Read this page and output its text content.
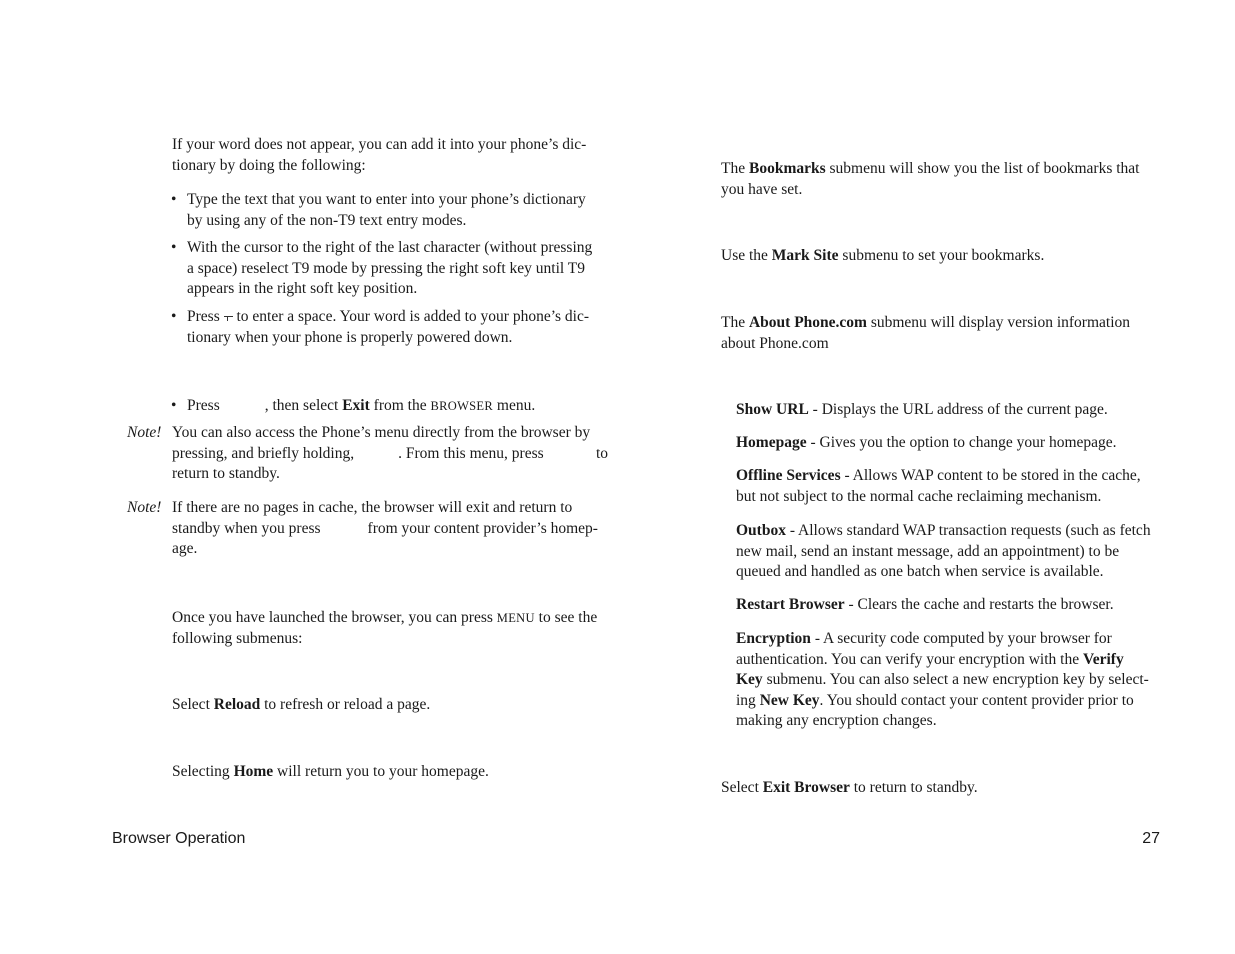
If your word does not appear, you can add it into your phone’s dic-
tionary by doing the following:
• Type the text that you want to enter into your phone’s dictionary
by using any of the non-T9 text entry modes.
• With the cursor to the right of the last character (without pressing
a space) reselect T9 mode by pressing the right soft key until T9
appears in the right soft key position.
• Press  to enter a space. Your word is added to your phone’s dic-
tionary when your phone is properly powered down.
• Press	, then select Exit from the BROWSER menu.
Note! You can also access the Phone’s menu directly from the browser by
pressing, and briefly holding,	. From this menu, press	to
return to standby.
Note! If there are no pages in cache, the browser will exit and return to
standby when you press	from your content provider’s homep-
age.
Once you have launched the browser, you can press MENU to see the
following submenus:
Select Reload to refresh or reload a page.
Selecting Home will return you to your homepage.
The Bookmarks submenu will show you the list of bookmarks that
you have set.
Use the Mark Site submenu to set your bookmarks.
The About Phone.com submenu will display version information
about Phone.com
Show URL - Displays the URL address of the current page.
Homepage - Gives you the option to change your homepage.
Offline Services - Allows WAP content to be stored in the cache,
but not subject to the normal cache reclaiming mechanism.
Outbox - Allows standard WAP transaction requests (such as fetch
new mail, send an instant message, add an appointment) to be
queued and handled as one batch when service is available.
Restart Browser - Clears the cache and restarts the browser.
Encryption - A security code computed by your browser for
authentication. You can verify your encryption with the Verify
Key submenu. You can also select a new encryption key by select-
ing New Key. You should contact your content provider prior to
making any encryption changes.
Select Exit Browser to return to standby.
Browser Operation	27
